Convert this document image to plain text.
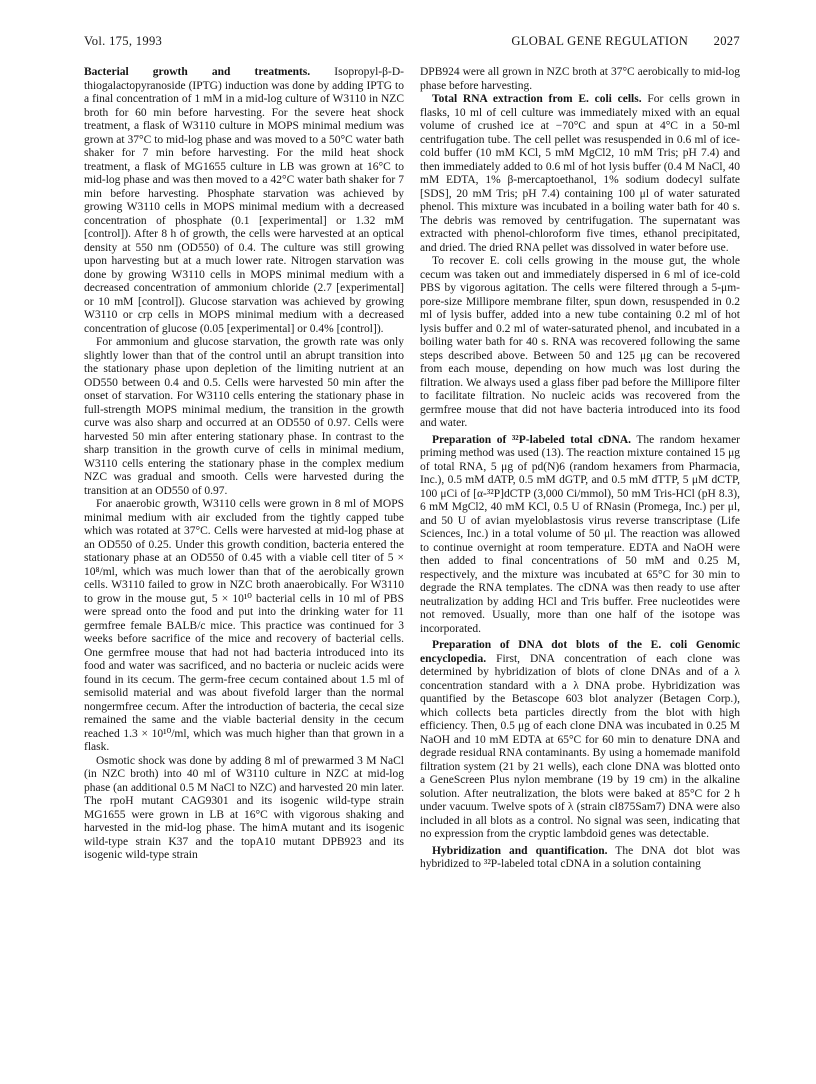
Vol. 175, 1993	GLOBAL GENE REGULATION 2027

Bacterial growth and treatments. Isopropyl-β-D-thiogalactopyranoside (IPTG) induction was done by adding IPTG to a final concentration of 1 mM in a mid-log culture of W3110 in NZC broth for 60 min before harvesting. For the severe heat shock treatment, a flask of W3110 culture in MOPS minimal medium was grown at 37°C to mid-log phase and was moved to a 50°C water bath shaker for 7 min before harvesting. For the mild heat shock treatment, a flask of MG1655 culture in LB was grown at 16°C to mid-log phase and was then moved to a 42°C water bath shaker for 7 min before harvesting. Phosphate starvation was achieved by growing W3110 cells in MOPS minimal medium with a decreased concentration of phosphate (0.1 [experimental] or 1.32 mM [control]). After 8 h of growth, the cells were harvested at an optical density at 550 nm (OD550) of 0.4. The culture was still growing upon harvesting but at a much lower rate. Nitrogen starvation was done by growing W3110 cells in MOPS minimal medium with a decreased concentration of ammonium chloride (2.7 [experimental] or 10 mM [control]). Glucose starvation was achieved by growing W3110 or crp cells in MOPS minimal medium with a decreased concentration of glucose (0.05 [experimental] or 0.4% [control]).

For ammonium and glucose starvation, the growth rate was only slightly lower than that of the control until an abrupt transition into the stationary phase upon depletion of the limiting nutrient at an OD550 between 0.4 and 0.5. Cells were harvested 50 min after the onset of starvation. For W3110 cells entering the stationary phase in full-strength MOPS minimal medium, the transition in the growth curve was also sharp and occurred at an OD550 of 0.97. Cells were harvested 50 min after entering stationary phase. In contrast to the sharp transition in the growth curve of cells in minimal medium, W3110 cells entering the stationary phase in the complex medium NZC was gradual and smooth. Cells were harvested during the transition at an OD550 of 0.97.

For anaerobic growth, W3110 cells were grown in 8 ml of MOPS minimal medium with air excluded from the tightly capped tube which was rotated at 37°C. Cells were harvested at mid-log phase at an OD550 of 0.25. Under this growth condition, bacteria entered the stationary phase at an OD550 of 0.45 with a viable cell titer of 5 × 10⁸/ml, which was much lower than that of the aerobically grown cells. W3110 failed to grow in NZC broth anaerobically. For W3110 to grow in the mouse gut, 5 × 10¹⁰ bacterial cells in 10 ml of PBS were spread onto the food and put into the drinking water for 11 germfree female BALB/c mice. This practice was continued for 3 weeks before sacrifice of the mice and recovery of bacterial cells. One germfree mouse that had not had bacteria introduced into its food and water was sacrificed, and no bacteria or nucleic acids were found in its cecum. The germ-free cecum contained about 1.5 ml of semisolid material and was about fivefold larger than the normal nongermfree cecum. After the introduction of bacteria, the cecal size remained the same and the viable bacterial density in the cecum reached 1.3 × 10¹⁰/ml, which was much higher than that grown in a flask.

Osmotic shock was done by adding 8 ml of prewarmed 3 M NaCl (in NZC broth) into 40 ml of W3110 culture in NZC at mid-log phase (an additional 0.5 M NaCl to NZC) and harvested 20 min later. The rpoH mutant CAG9301 and its isogenic wild-type strain MG1655 were grown in LB at 16°C with vigorous shaking and harvested in the mid-log phase. The himA mutant and its isogenic wild-type strain K37 and the topA10 mutant DPB923 and its isogenic wild-type strain

DPB924 were all grown in NZC broth at 37°C aerobically to mid-log phase before harvesting.

Total RNA extraction from E. coli cells. For cells grown in flasks, 10 ml of cell culture was immediately mixed with an equal volume of crushed ice at −70°C and spun at 4°C in a 50-ml centrifugation tube. The cell pellet was resuspended in 0.6 ml of ice-cold buffer (10 mM KCl, 5 mM MgCl2, 10 mM Tris; pH 7.4) and then immediately added to 0.6 ml of hot lysis buffer (0.4 M NaCl, 40 mM EDTA, 1% β-mercaptoethanol, 1% sodium dodecyl sulfate [SDS], 20 mM Tris; pH 7.4) containing 100 μl of water saturated phenol. This mixture was incubated in a boiling water bath for 40 s. The debris was removed by centrifugation. The supernatant was extracted with phenol-chloroform five times, ethanol precipitated, and dried. The dried RNA pellet was dissolved in water before use.

To recover E. coli cells growing in the mouse gut, the whole cecum was taken out and immediately dispersed in 6 ml of ice-cold PBS by vigorous agitation. The cells were filtered through a 5-μm-pore-size Millipore membrane filter, spun down, resuspended in 0.2 ml of lysis buffer, added into a new tube containing 0.2 ml of hot lysis buffer and 0.2 ml of water-saturated phenol, and incubated in a boiling water bath for 40 s. RNA was recovered following the same steps described above. Between 50 and 125 μg can be recovered from each mouse, depending on how much was lost during the filtration. We always used a glass fiber pad before the Millipore filter to facilitate filtration. No nucleic acids was recovered from the germfree mouse that did not have bacteria introduced into its food and water.

Preparation of ³²P-labeled total cDNA. The random hexamer priming method was used (13). The reaction mixture contained 15 μg of total RNA, 5 μg of pd(N)6 (random hexamers from Pharmacia, Inc.), 0.5 mM dATP, 0.5 mM dGTP, and 0.5 mM dTTP, 5 μM dCTP, 100 μCi of [α-³²P]dCTP (3,000 Ci/mmol), 50 mM Tris-HCl (pH 8.3), 6 mM MgCl2, 40 mM KCl, 0.5 U of RNasin (Promega, Inc.) per μl, and 50 U of avian myeloblastosis virus reverse transcriptase (Life Sciences, Inc.) in a total volume of 50 μl. The reaction was allowed to continue overnight at room temperature. EDTA and NaOH were then added to final concentrations of 50 mM and 0.25 M, respectively, and the mixture was incubated at 65°C for 30 min to degrade the RNA templates. The cDNA was then ready to use after neutralization by adding HCl and Tris buffer. Free nucleotides were not removed. Usually, more than one half of the isotope was incorporated.

Preparation of DNA dot blots of the E. coli Genomic encyclopedia. First, DNA concentration of each clone was determined by hybridization of blots of clone DNAs and of a λ concentration standard with a λ DNA probe. Hybridization was quantified by the Betascope 603 blot analyzer (Betagen Corp.), which collects beta particles directly from the blot with high efficiency. Then, 0.5 μg of each clone DNA was incubated in 0.25 M NaOH and 10 mM EDTA at 65°C for 60 min to denature DNA and degrade residual RNA contaminants. By using a homemade manifold filtration system (21 by 21 wells), each clone DNA was blotted onto a GeneScreen Plus nylon membrane (19 by 19 cm) in the alkaline solution. After neutralization, the blots were baked at 85°C for 2 h under vacuum. Twelve spots of λ (strain cI875Sam7) DNA were also included in all blots as a control. No signal was seen, indicating that no expression from the cryptic lambdoid genes was detectable.

Hybridization and quantification. The DNA dot blot was hybridized to ³²P-labeled total cDNA in a solution containing
